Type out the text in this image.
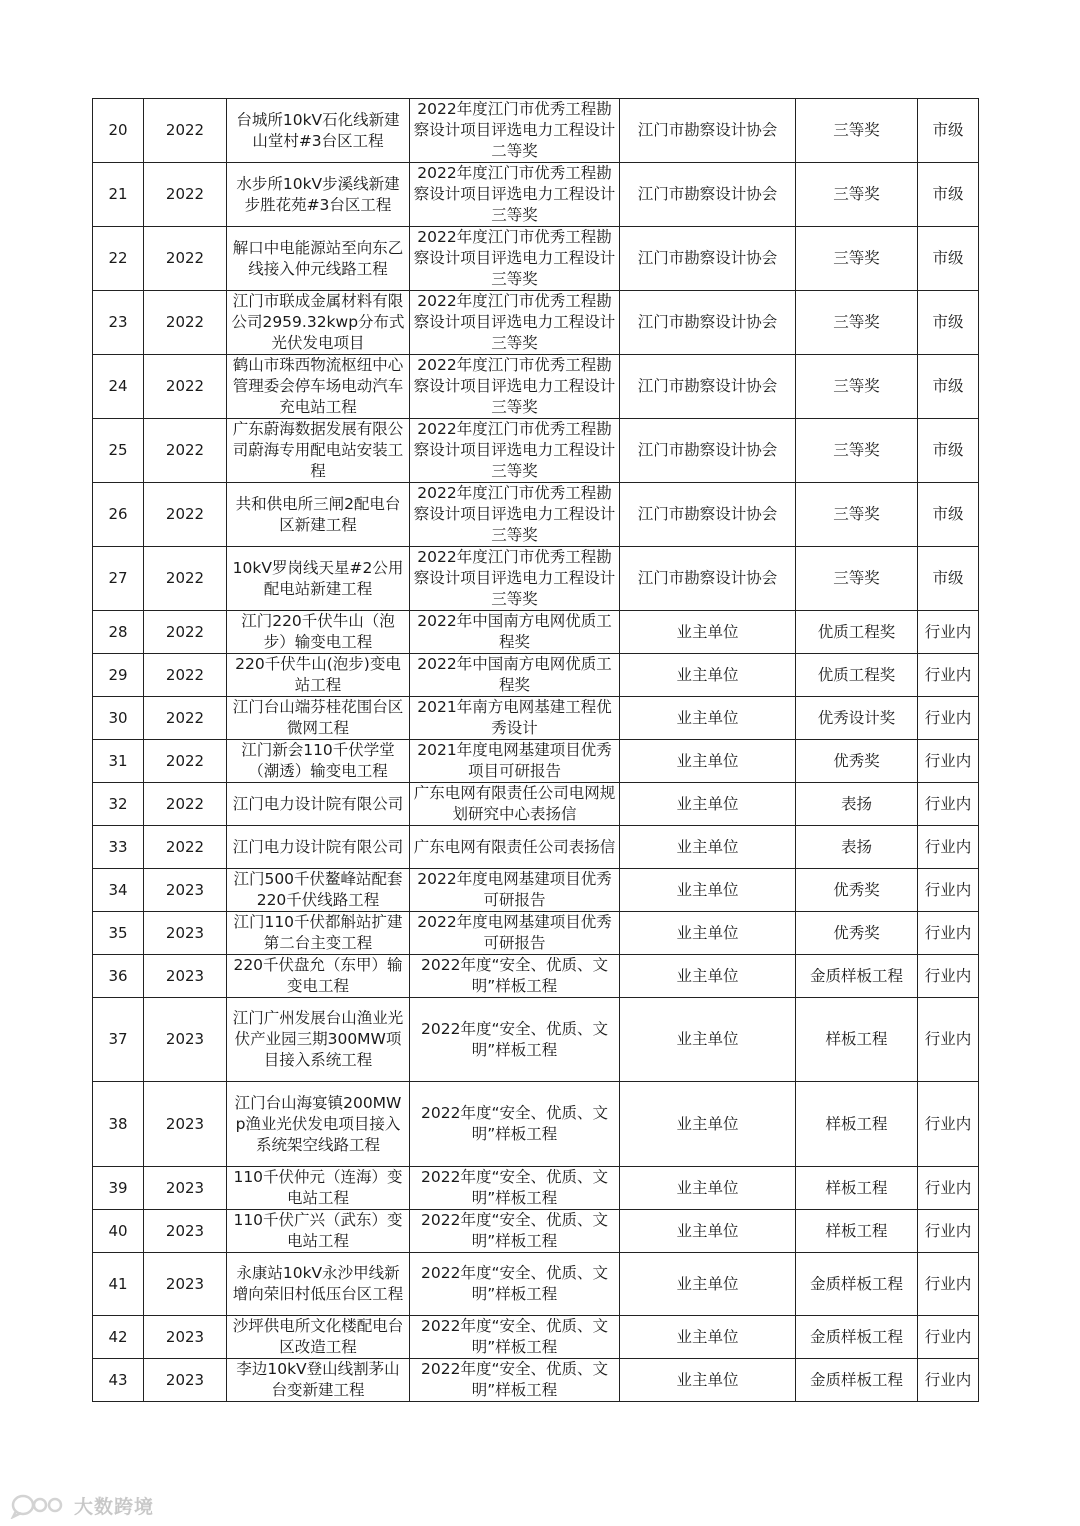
20	2022	台城所10kV石化线新建山堂村#3台区工程	2022年度江门市优秀工程勘察设计项目评选电力工程设计二等奖	江门市勘察设计协会	三等奖	市级
21	2022	水步所10kV步溪线新建步胜花苑#3台区工程	2022年度江门市优秀工程勘察设计项目评选电力工程设计三等奖	江门市勘察设计协会	三等奖	市级
22	2022	解口中电能源站至向东乙线接入仲元线路工程	2022年度江门市优秀工程勘察设计项目评选电力工程设计三等奖	江门市勘察设计协会	三等奖	市级
23	2022	江门市联成金属材料有限公司2959.32kwp分布式光伏发电项目	2022年度江门市优秀工程勘察设计项目评选电力工程设计三等奖	江门市勘察设计协会	三等奖	市级
24	2022	鹤山市珠西物流枢纽中心管理委会停车场电动汽车充电站工程	2022年度江门市优秀工程勘察设计项目评选电力工程设计三等奖	江门市勘察设计协会	三等奖	市级
25	2022	广东蔚海数据发展有限公司蔚海专用配电站安装工程	2022年度江门市优秀工程勘察设计项目评选电力工程设计三等奖	江门市勘察设计协会	三等奖	市级
26	2022	共和供电所三闸2配电台区新建工程	2022年度江门市优秀工程勘察设计项目评选电力工程设计三等奖	江门市勘察设计协会	三等奖	市级
27	2022	10kV罗岗线天星#2公用配电站新建工程	2022年度江门市优秀工程勘察设计项目评选电力工程设计三等奖	江门市勘察设计协会	三等奖	市级
28	2022	江门220千伏牛山（泡步）输变电工程	2022年中国南方电网优质工程奖	业主单位	优质工程奖	行业内
29	2022	220千伏牛山(泡步)变电站工程	2022年中国南方电网优质工程奖	业主单位	优质工程奖	行业内
30	2022	江门台山端芬桂花围台区微网工程	2021年南方电网基建工程优秀设计	业主单位	优秀设计奖	行业内
31	2022	江门新会110千伏学堂（潮透）输变电工程	2021年度电网基建项目优秀项目可研报告	业主单位	优秀奖	行业内
32	2022	江门电力设计院有限公司	广东电网有限责任公司电网规划研究中心表扬信	业主单位	表扬	行业内
33	2022	江门电力设计院有限公司	广东电网有限责任公司表扬信	业主单位	表扬	行业内
34	2023	江门500千伏鳌峰站配套220千伏线路工程	2022年度电网基建项目优秀可研报告	业主单位	优秀奖	行业内
35	2023	江门110千伏都斛站扩建第二台主变工程	2022年度电网基建项目优秀可研报告	业主单位	优秀奖	行业内
36	2023	220千伏盘允（东甲）输变电工程	2022年度“安全、优质、文明”样板工程	业主单位	金质样板工程	行业内
37	2023	江门广州发展台山渔业光伏产业园三期300MW项目接入系统工程	2022年度“安全、优质、文明”样板工程	业主单位	样板工程	行业内
38	2023	江门台山海宴镇200MWp渔业光伏发电项目接入系统架空线路工程	2022年度“安全、优质、文明”样板工程	业主单位	样板工程	行业内
39	2023	110千伏仲元（连海）变电站工程	2022年度“安全、优质、文明”样板工程	业主单位	样板工程	行业内
40	2023	110千伏广兴（武东）变电站工程	2022年度“安全、优质、文明”样板工程	业主单位	样板工程	行业内
41	2023	永康站10kV永沙甲线新增向荣旧村低压台区工程	2022年度“安全、优质、文明”样板工程	业主单位	金质样板工程	行业内
42	2023	沙坪供电所文化楼配电台区改造工程	2022年度“安全、优质、文明”样板工程	业主单位	金质样板工程	行业内
43	2023	李边10kV登山线割茅山台变新建工程	2022年度“安全、优质、文明”样板工程	业主单位	金质样板工程	行业内
大数跨境
